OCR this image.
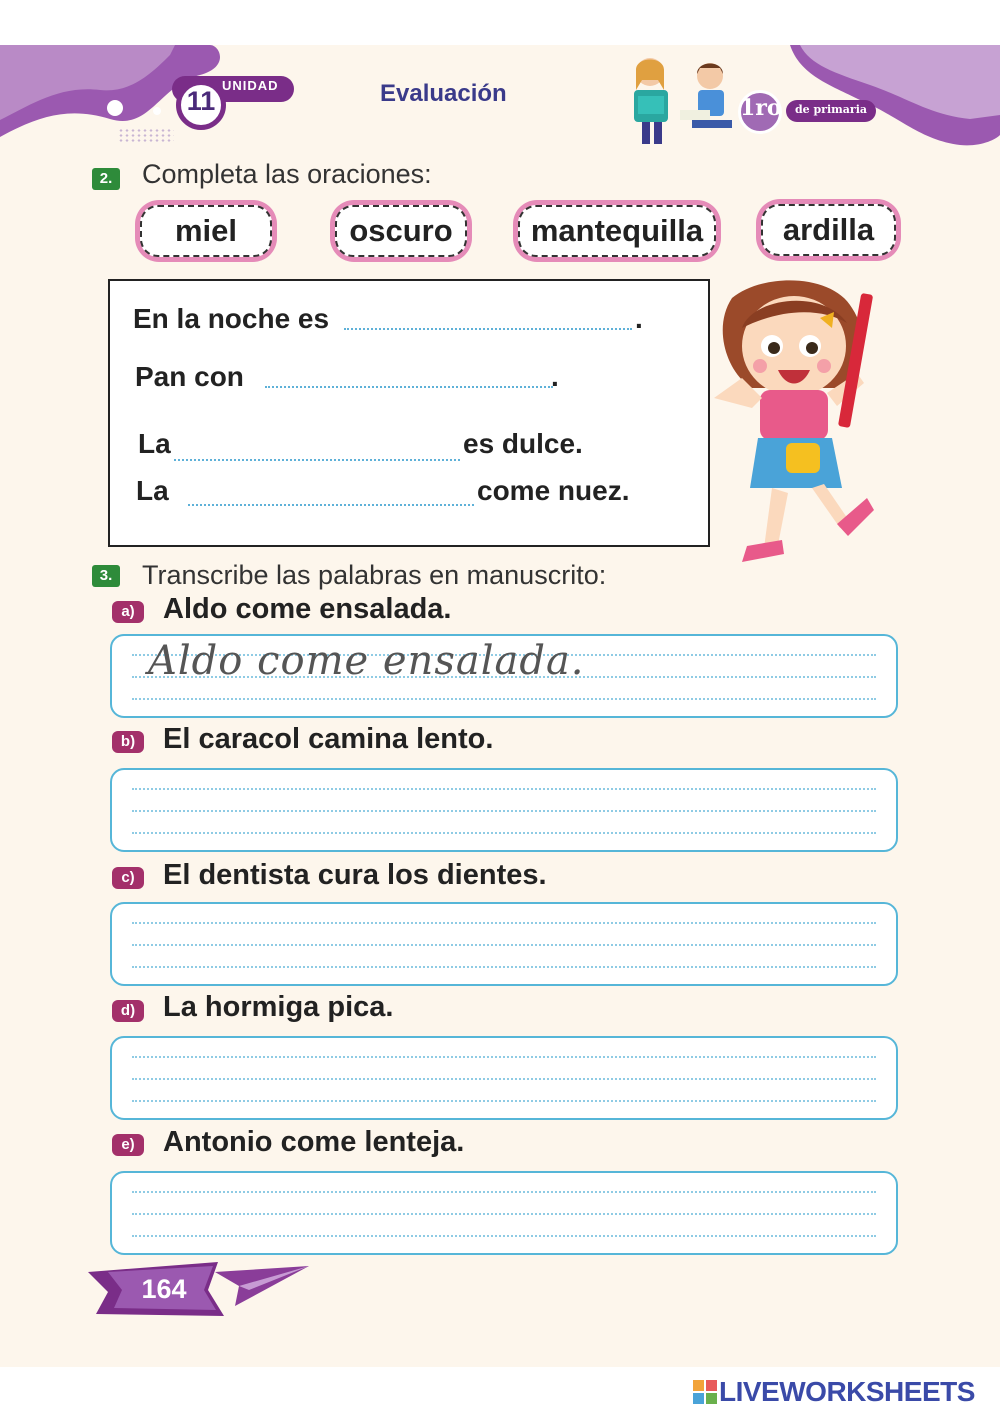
UNIDAD
11	Evaluación
1ro	de primaria
2. Completa las oraciones:
miel	oscuro	mantequilla	ardilla
En la noche es	.
Pan con	.
La	es dulce.
La	come nuez.
3. Transcribe las palabras en manuscrito:
a) Aldo come ensalada.
Aldo come ensalada.
b) El caracol camina lento.
c) El dentista cura los dientes.
d) La hormiga pica.
e) Antonio come lenteja.
164
LIVEWORKSHEETS
